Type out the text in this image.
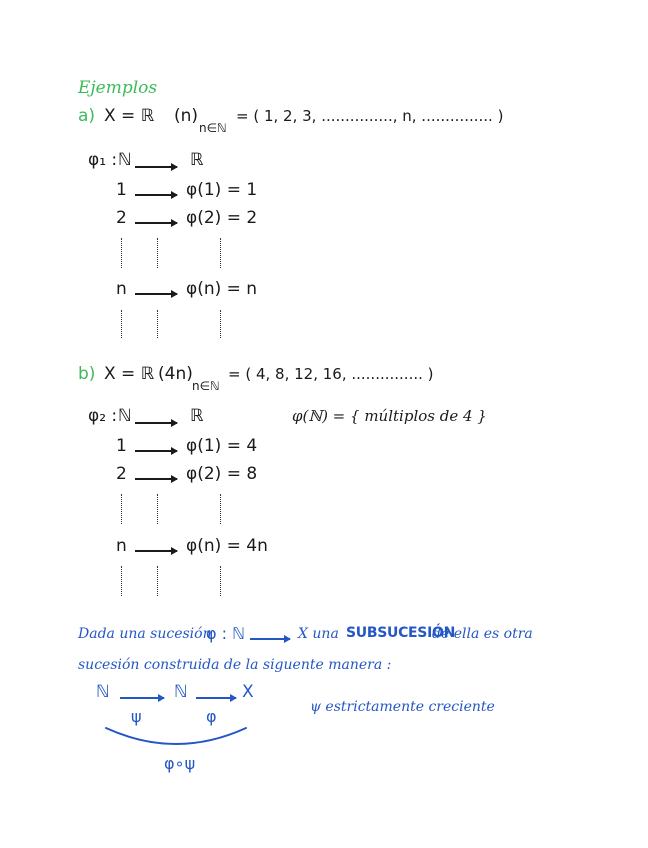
Ejemplos
a) X = ℝ (n)
n∈ℕ
= ( 1, 2, 3, ..............., n, ............... )
φ₁ : ℕ	ℝ
1	φ(1) = 1
2	φ(2) = 2
n	φ(n) = n
b) X = ℝ (4n)
n∈ℕ
= ( 4, 8, 12, 16, ............... )
φ₂ : ℕ	ℝ	φ(ℕ) = { múltiplos de 4 }
1	φ(1) = 4
2	φ(2) = 8
n	φ(n) = 4n
Dada una sucesión
φ : ℕ	X una SUBSUCESIÓN
de ella es otra
sucesión construida de la siguente manera :
ℕ	ℕ	X
ψ	φ
φ∘ψ
ψ estrictamente creciente
